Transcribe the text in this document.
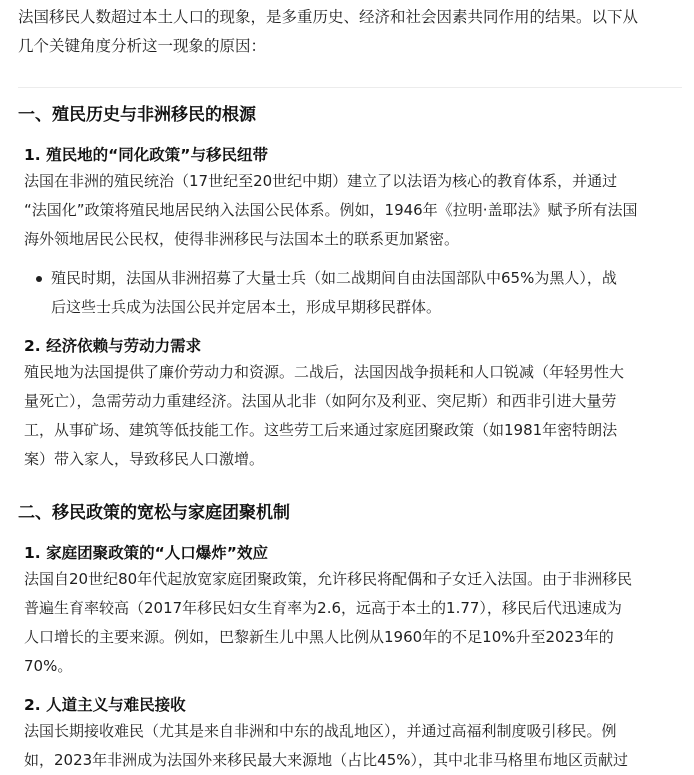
法国移民人数超过本土人口的现象，是多重历史、经济和社会因素共同作用的结果。以下从
几个关键角度分析这一现象的原因：

一、殖民历史与非洲移民的根源
1. 殖民地的“同化政策”与移民纽带

法国在非洲的殖民统治（17世纪至20世纪中期）建立了以法语为核心的教育体系，并通过
“法国化”政策将殖民地居民纳入法国公民体系。例如，1946年《拉明·盖耶法》赋予所有法国
海外领地居民公民权，使得非洲移民与法国本土的联系更加紧密。

殖民时期，法国从非洲招募了大量士兵（如二战期间自由法国部队中65%为黑人），战
后这些士兵成为法国公民并定居本土，形成早期移民群体。
2. 经济依赖与劳动力需求

殖民地为法国提供了廉价劳动力和资源。二战后，法国因战争损耗和人口锐减（年轻男性大
量死亡），急需劳动力重建经济。法国从北非（如阿尔及利亚、突尼斯）和西非引进大量劳
工，从事矿场、建筑等低技能工作。这些劳工后来通过家庭团聚政策（如1981年密特朗法
案）带入家人，导致移民人口激增。

二、移民政策的宽松与家庭团聚机制
1. 家庭团聚政策的“人口爆炸”效应

法国自20世纪80年代起放宽家庭团聚政策，允许移民将配偶和子女迁入法国。由于非洲移民
普遍生育率较高（2017年移民妇女生育率为2.6，远高于本土的1.77），移民后代迅速成为
人口增长的主要来源。例如，巴黎新生儿中黑人比例从1960年的不足10%升至2023年的
70%。

2. 人道主义与难民接收

法国长期接收难民（尤其是来自非洲和中东的战乱地区），并通过高福利制度吸引移民。例
如，2023年非洲成为法国外来移民最大来源地（占比45%），其中北非马格里布地区贡献过
